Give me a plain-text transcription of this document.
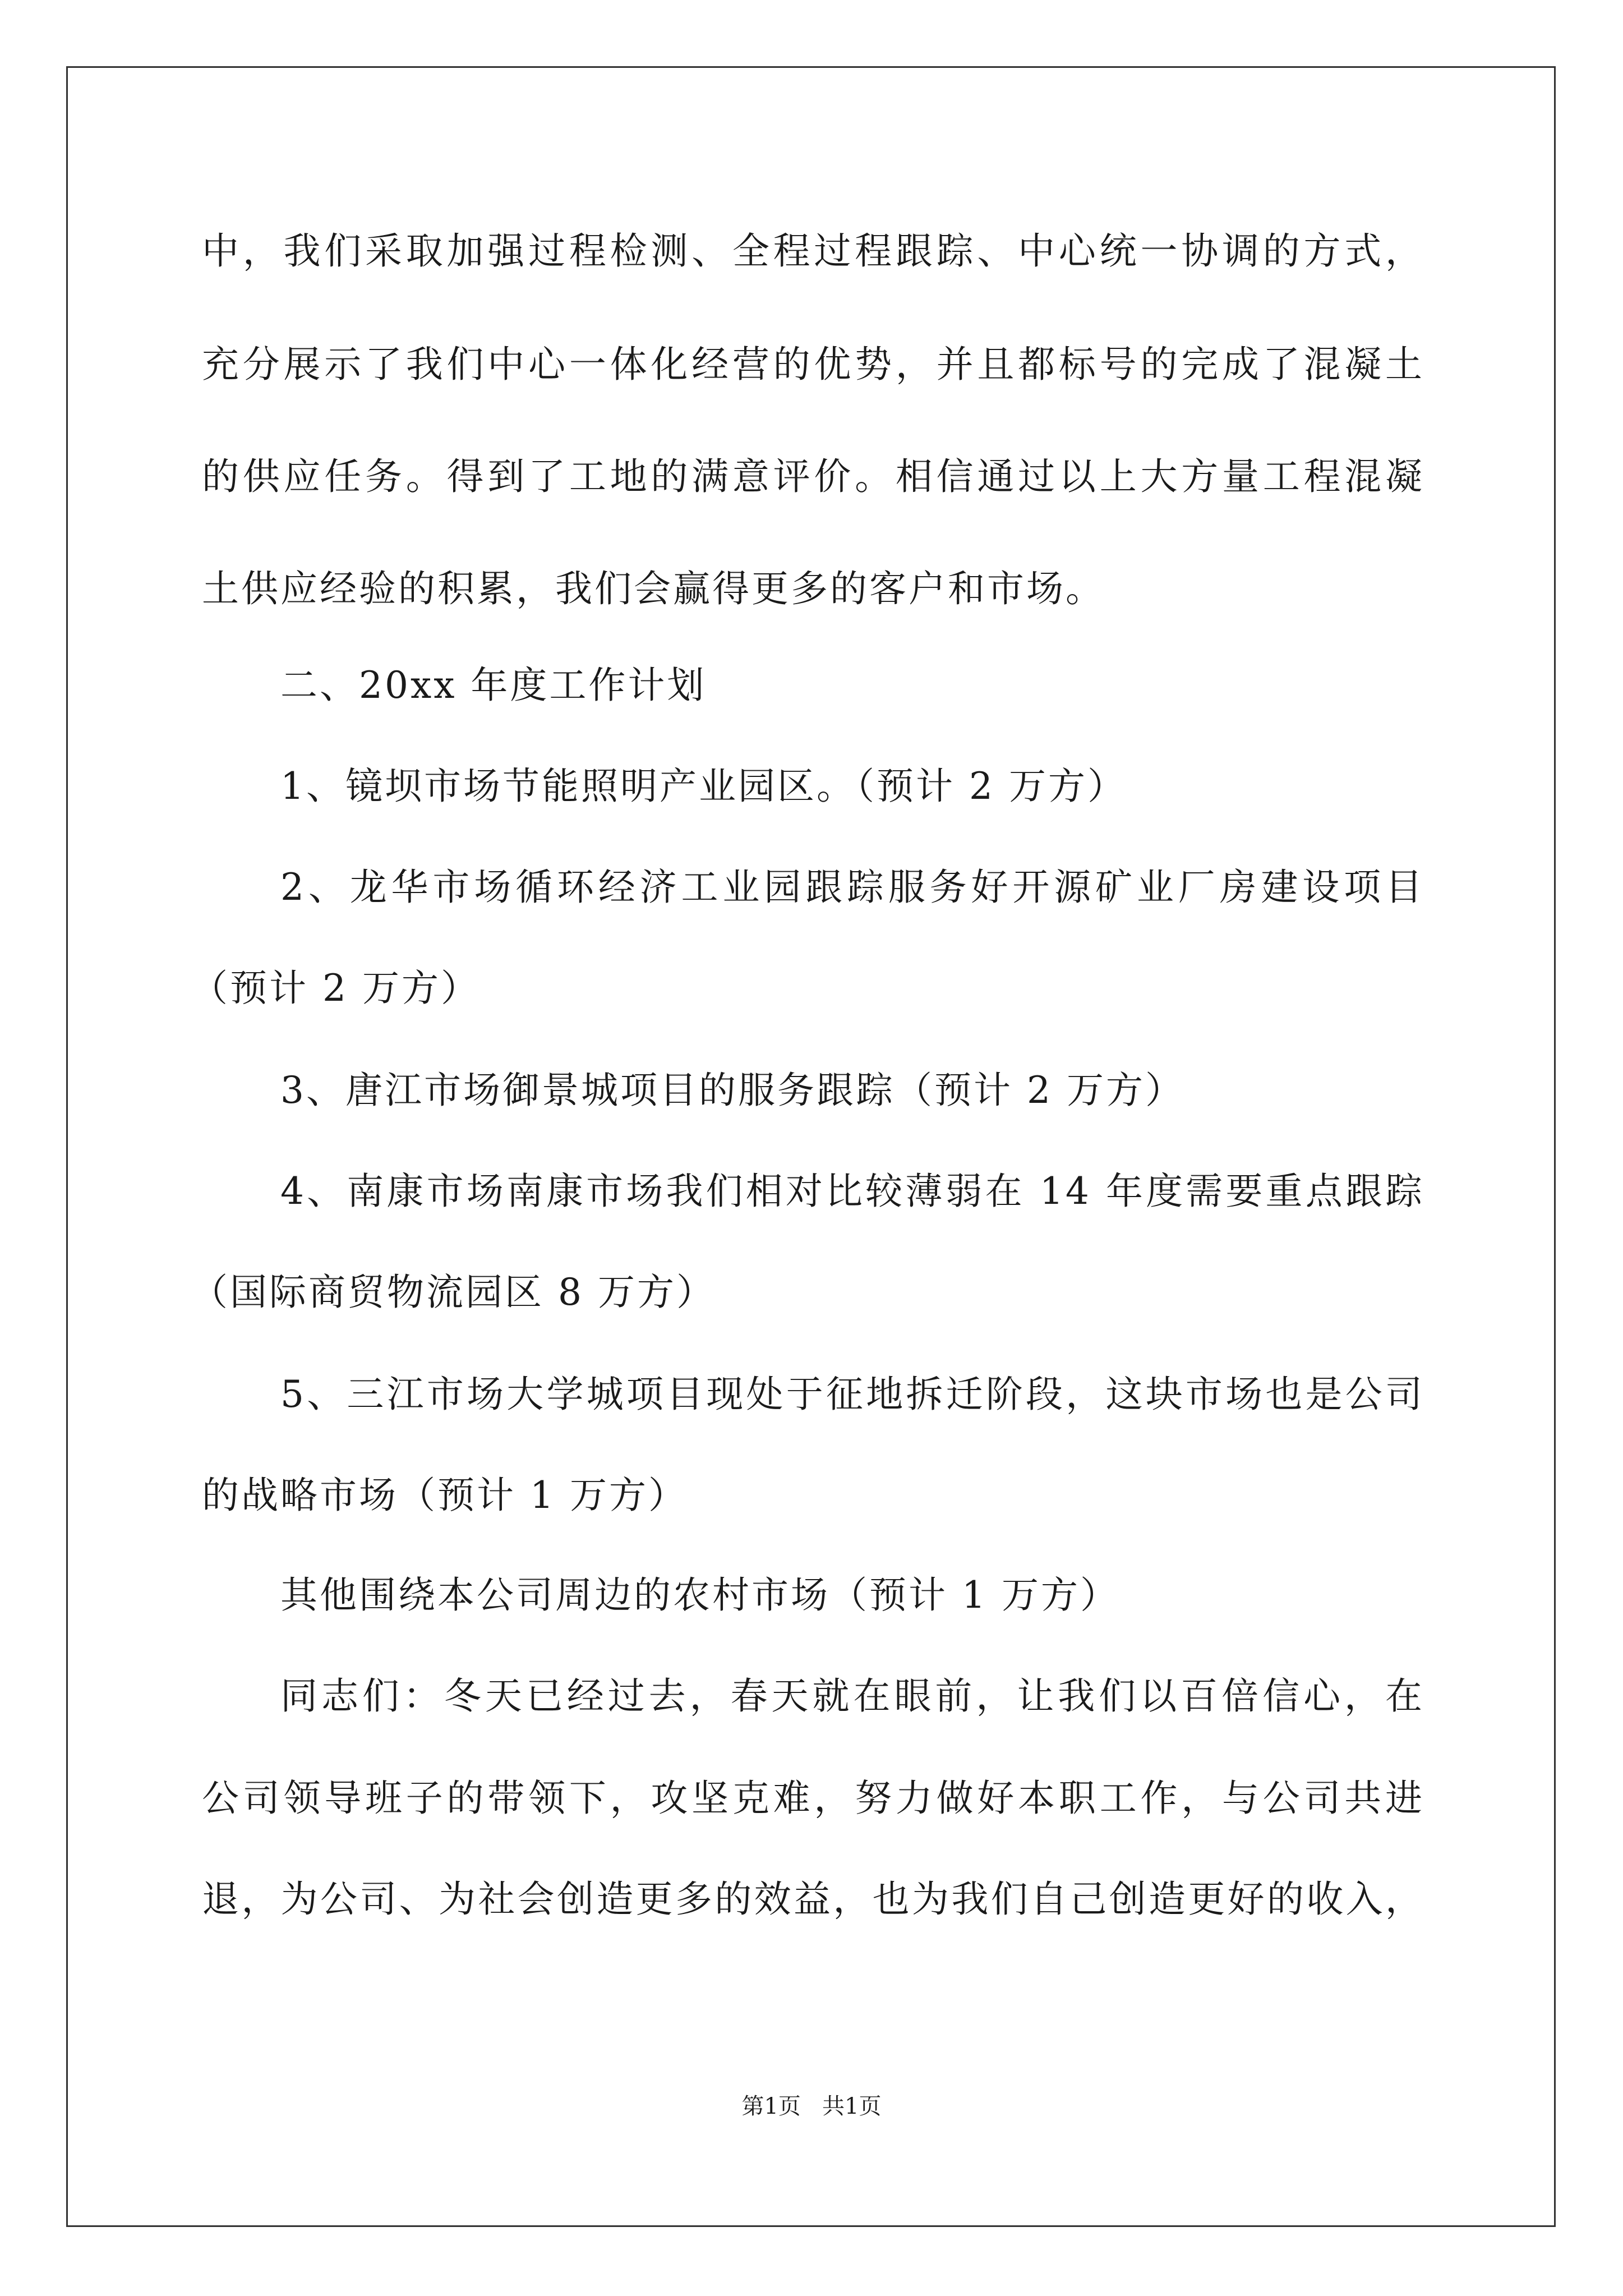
中，我们采取加强过程检测、全程过程跟踪、中心统一协调的方式，
充分展示了我们中心一体化经营的优势，并且都标号的完成了混凝土
的供应任务。得到了工地的满意评价。相信通过以上大方量工程混凝
土供应经验的积累，我们会赢得更多的客户和市场。
二、20xx 年度工作计划
1、镜坝市场节能照明产业园区。（预计 2 万方）
2、龙华市场循环经济工业园跟踪服务好开源矿业厂房建设项目
（预计 2 万方）
3、唐江市场御景城项目的服务跟踪（预计 2 万方）
4、南康市场南康市场我们相对比较薄弱在 14 年度需要重点跟踪
（国际商贸物流园区 8 万方）
5、三江市场大学城项目现处于征地拆迁阶段，这块市场也是公司
的战略市场（预计 1 万方）
其他围绕本公司周边的农村市场（预计 1 万方）
同志们：冬天已经过去，春天就在眼前，让我们以百倍信心，在
公司领导班子的带领下，攻坚克难，努力做好本职工作，与公司共进
退，为公司、为社会创造更多的效益，也为我们自己创造更好的收入，
第1页   共1页
